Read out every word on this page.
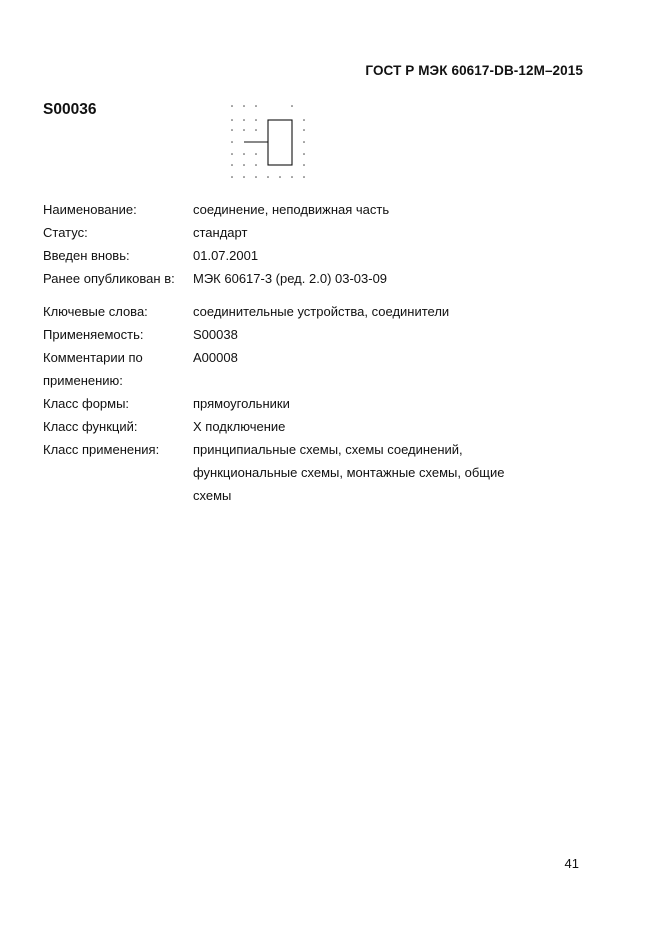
ГОСТ Р МЭК 60617-DB-12M–2015
S00036
Наименование:	соединение, неподвижная часть
Статус:	стандарт
Введен вновь:	01.07.2001
Ранее опубликован в:	МЭК 60617-3 (ред. 2.0) 03-03-09
Ключевые слова:	соединительные устройства, соединители
Применяемость:	S00038
Комментарии по применению:
A00008
Класс формы:	прямоугольники
Класс функций:	X подключение
Класс применения:	принципиальные схемы, схемы соединений, функциональные схемы, монтажные схемы, общие схемы
41
